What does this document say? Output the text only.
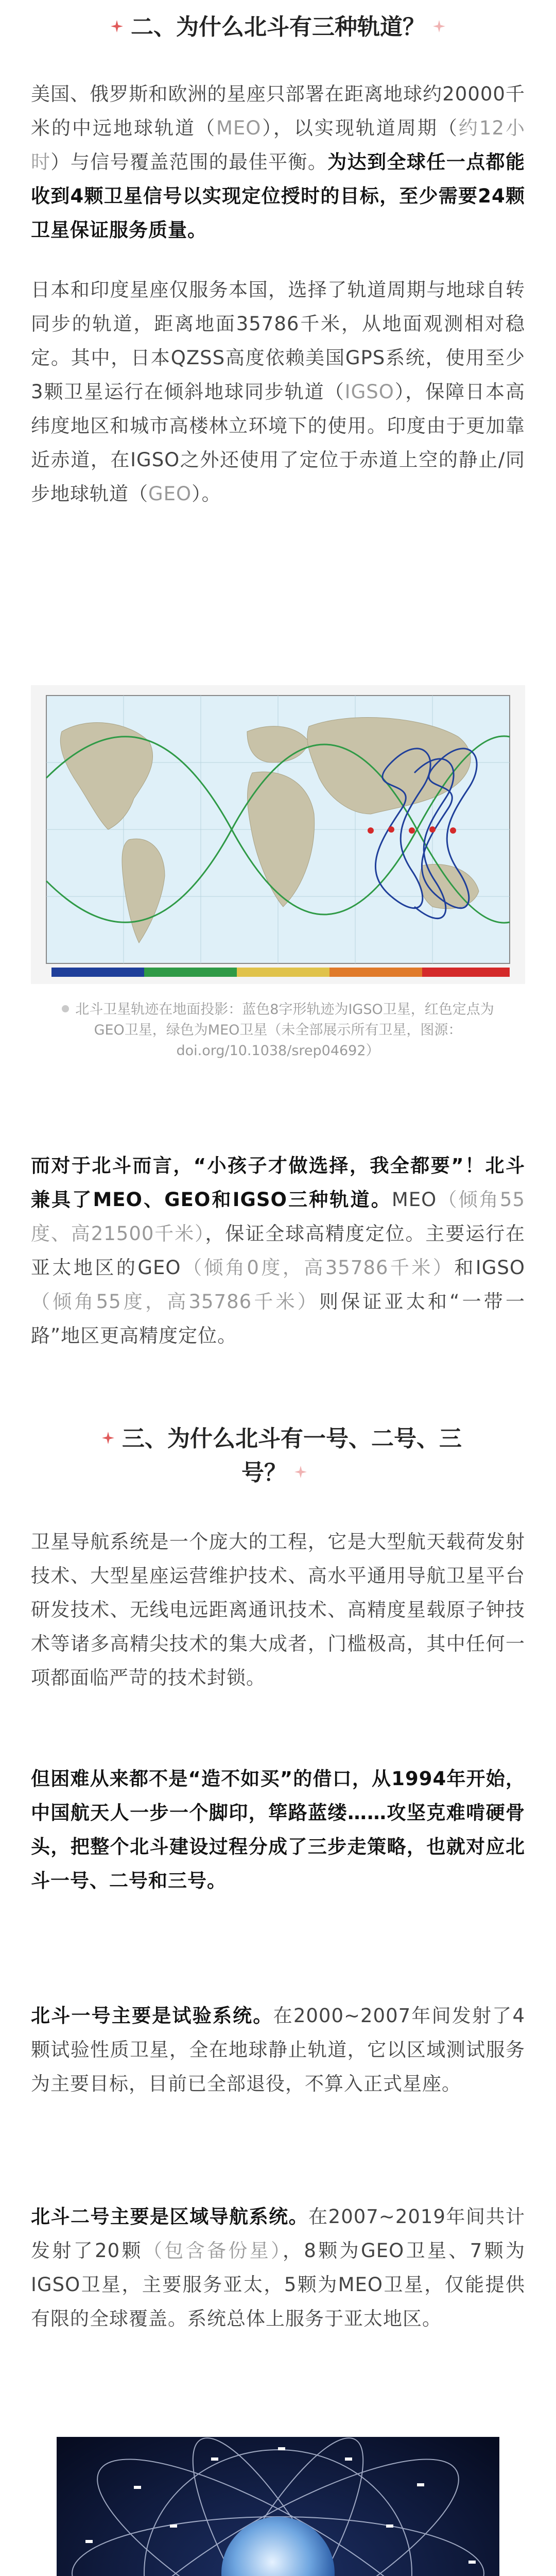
二、为什么北斗有三种轨道？
美国、俄罗斯和欧洲的星座只部署在距离地球约20000千米的中远地球轨道（MEO），以实现轨道周期（约12小时）与信号覆盖范围的最佳平衡。为达到全球任一点都能收到4颗卫星信号以实现定位授时的目标，至少需要24颗卫星保证服务质量。
日本和印度星座仅服务本国，选择了轨道周期与地球自转同步的轨道，距离地面35786千米，从地面观测相对稳定。其中，日本QZSS高度依赖美国GPS系统，使用至少3颗卫星运行在倾斜地球同步轨道（IGSO），保障日本高纬度地区和城市高楼林立环境下的使用。印度由于更加靠近赤道，在IGSO之外还使用了定位于赤道上空的静止/同步地球轨道（GEO）。
北斗卫星轨迹在地面投影：蓝色8字形轨迹为IGSO卫星，红色定点为GEO卫星，绿色为MEO卫星（未全部展示所有卫星，图源：doi.org/10.1038/srep04692）
而对于北斗而言，“小孩子才做选择，我全都要”！北斗兼具了MEO、GEO和IGSO三种轨道。MEO（倾角55度、高21500千米），保证全球高精度定位。主要运行在亚太地区的GEO（倾角0度，高35786千米）和IGSO（倾角55度，高35786千米）则保证亚太和“一带一路”地区更高精度定位。
三、为什么北斗有一号、二号、三
号？
卫星导航系统是一个庞大的工程，它是大型航天载荷发射技术、大型星座运营维护技术、高水平通用导航卫星平台研发技术、无线电远距离通讯技术、高精度星载原子钟技术等诸多高精尖技术的集大成者，门槛极高，其中任何一项都面临严苛的技术封锁。
但困难从来都不是“造不如买”的借口，从1994年开始，中国航天人一步一个脚印，筚路蓝缕……攻坚克难啃硬骨头，把整个北斗建设过程分成了三步走策略，也就对应北斗一号、二号和三号。
北斗一号主要是试验系统。在2000~2007年间发射了4颗试验性质卫星，全在地球静止轨道，它以区域测试服务为主要目标，目前已全部退役，不算入正式星座。
北斗二号主要是区域导航系统。在2007~2019年间共计发射了20颗（包含备份星），8颗为GEO卫星、7颗为IGSO卫星，主要服务亚太，5颗为MEO卫星，仅能提供有限的全球覆盖。系统总体上服务于亚太地区。
